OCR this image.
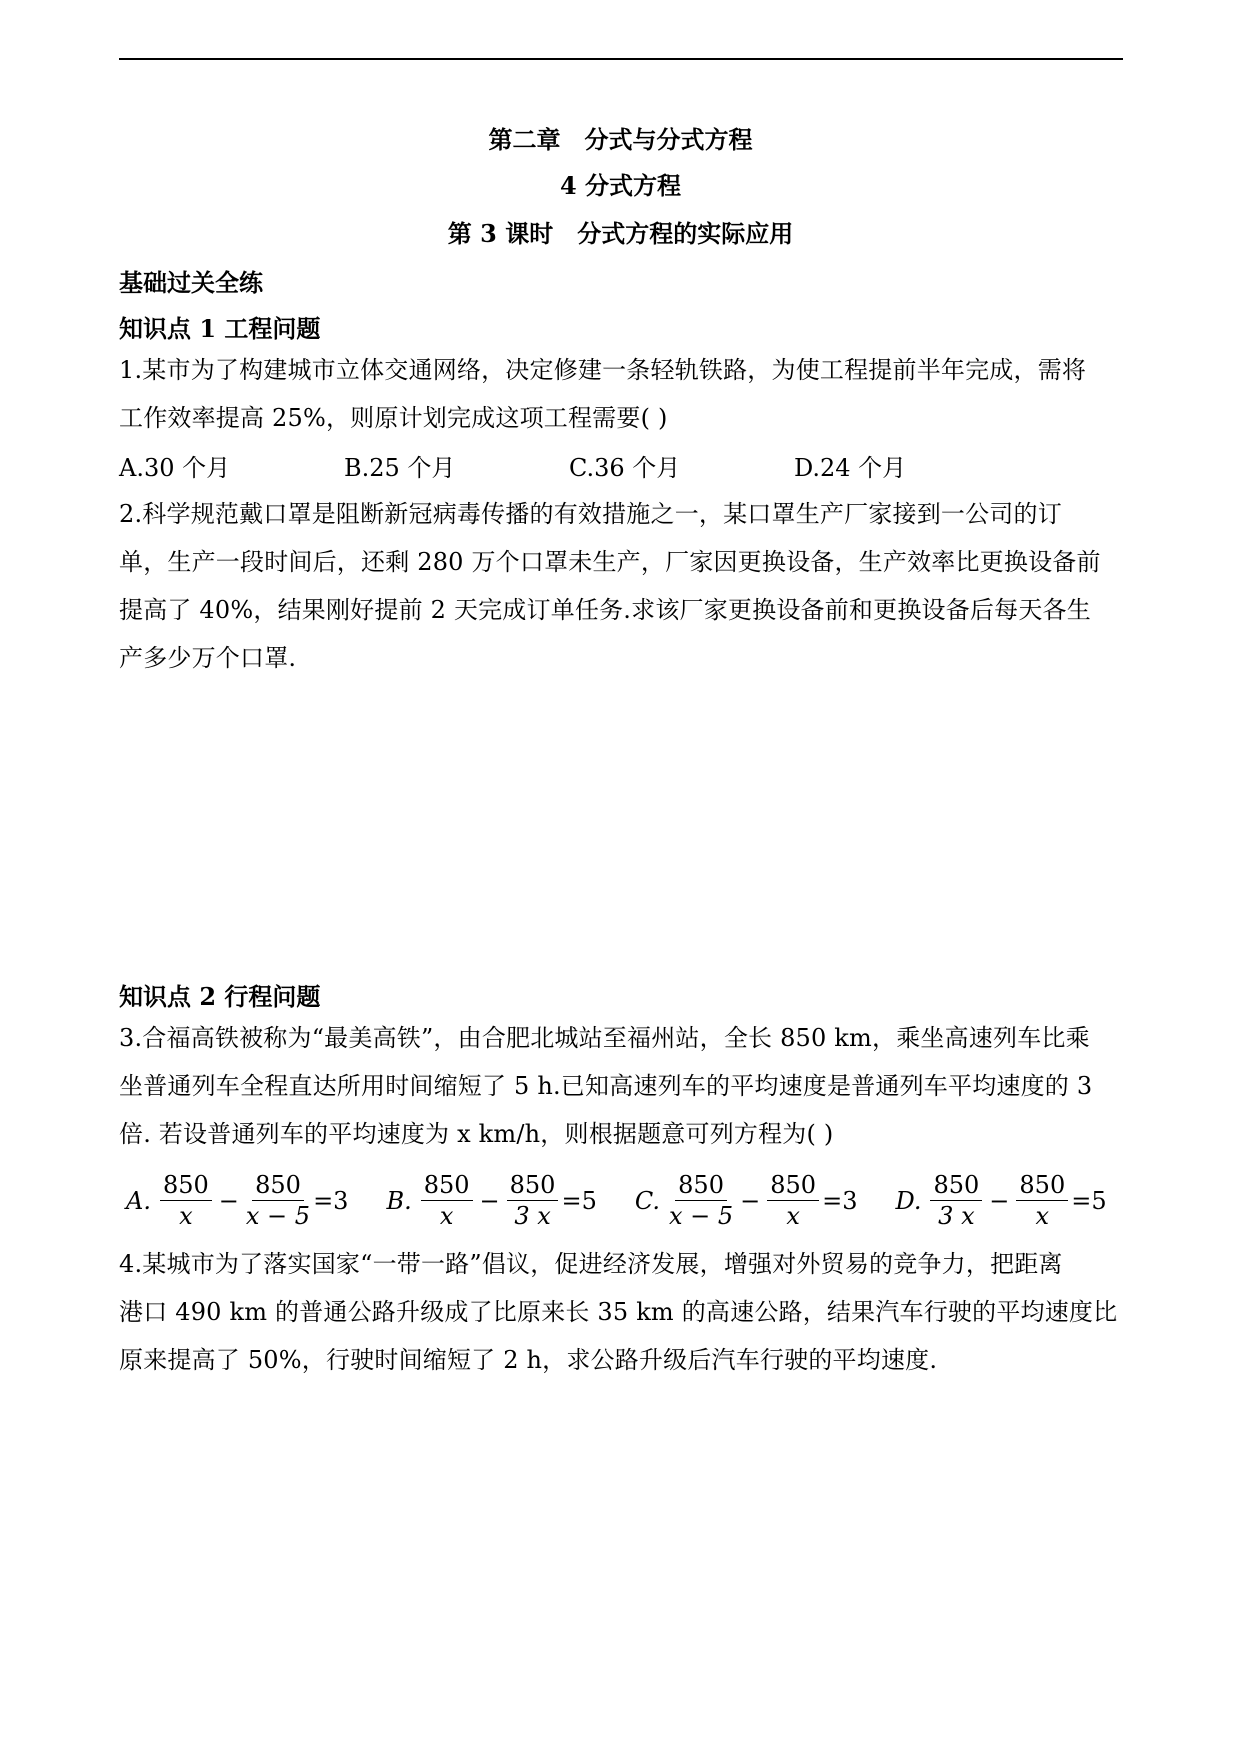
第二章　分式与分式方程
4 分式方程
第 3 课时　分式方程的实际应用
基础过关全练
知识点 1 工程问题
1.某市为了构建城市立体交通网络，决定修建一条轻轨铁路，为使工程提前半年完成，需将
工作效率提高 25%，则原计划完成这项工程需要( )
A.30 个月	B.25 个月	C.36 个月	D.24 个月
2.科学规范戴口罩是阻断新冠病毒传播的有效措施之一，某口罩生产厂家接到一公司的订
单，生产一段时间后，还剩 280 万个口罩未生产，厂家因更换设备，生产效率比更换设备前
提高了 40%，结果刚好提前 2 天完成订单任务.求该厂家更换设备前和更换设备后每天各生
产多少万个口罩.
知识点 2 行程问题
3.合福高铁被称为“最美高铁”，由合肥北城站至福州站，全长 850 km，乘坐高速列车比乘
坐普通列车全程直达所用时间缩短了 5 h.已知高速列车的平均速度是普通列车平均速度的 3
倍. 若设普通列车的平均速度为 x km/h，则根据题意可列方程为( )
A. $\frac{850}{x} - \frac{850}{x - 5} =3$ B. $\frac{850}{x} - \frac{850}{3 x} =5$ C. $\frac{850}{x - 5} - \frac{850}{x} =3$ D. $\frac{850}{3 x} - \frac{850}{x} =5$
4.某城市为了落实国家“一带一路”倡议，促进经济发展，增强对外贸易的竞争力，把距离
港口 490 km 的普通公路升级成了比原来长 35 km 的高速公路，结果汽车行驶的平均速度比
原来提高了 50%，行驶时间缩短了 2 h，求公路升级后汽车行驶的平均速度.
